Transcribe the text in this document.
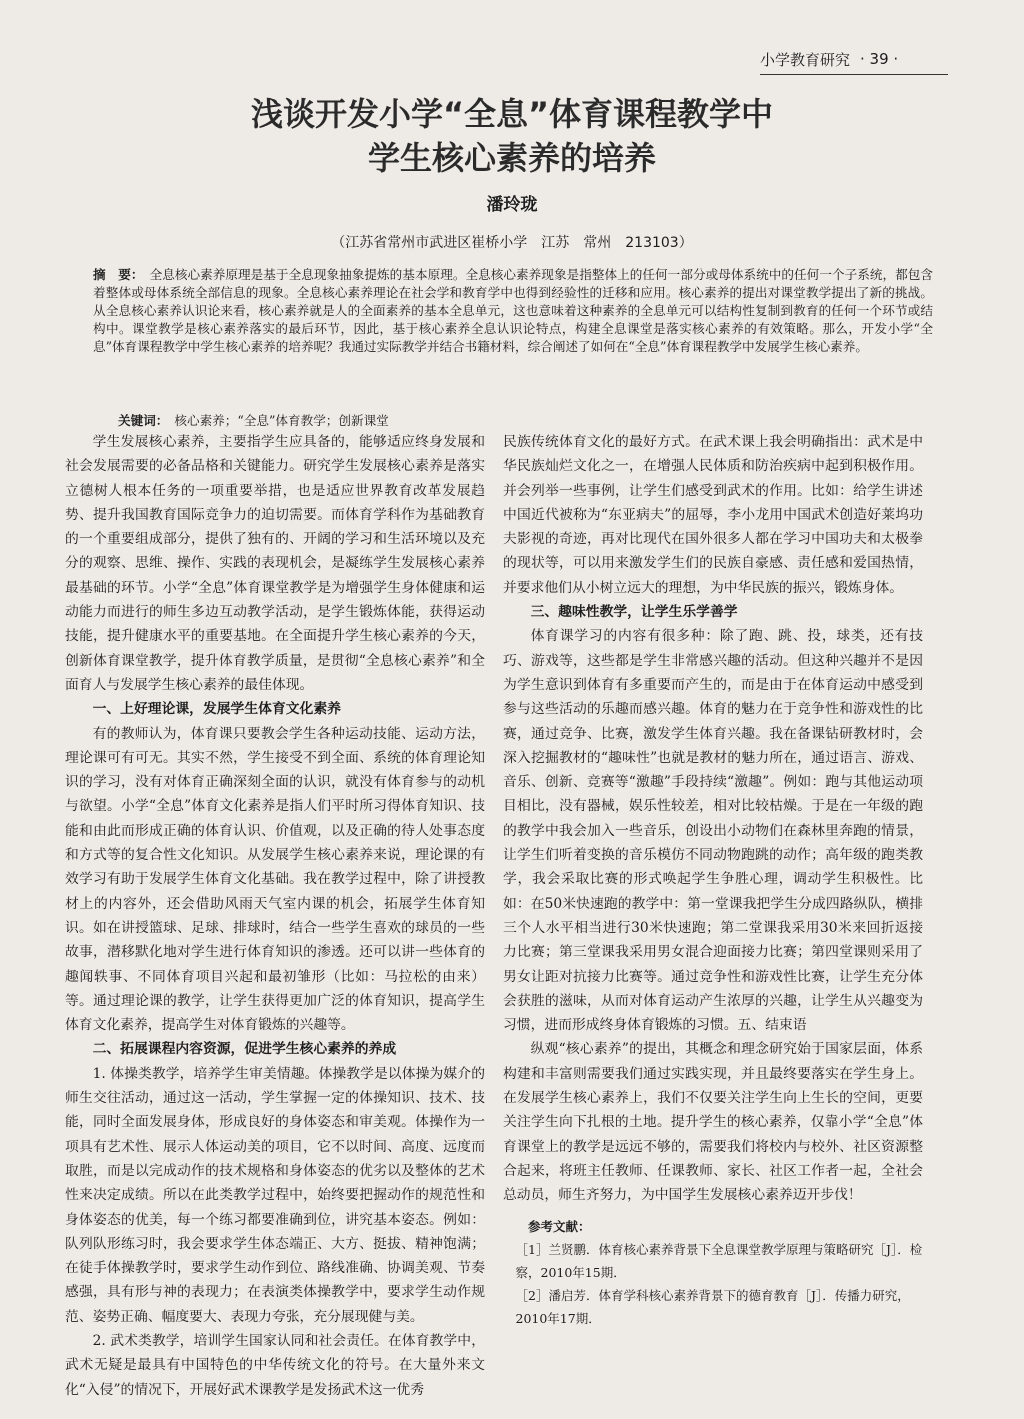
小学教育研究 · 39 ·
浅谈开发小学“全息”体育课程教学中
学生核心素养的培养
潘玲珑
（江苏省常州市武进区崔桥小学　江苏　常州　213103）
摘　要： 全息核心素养原理是基于全息现象抽象提炼的基本原理。全息核心素养现象是指整体上的任何一部分或母体系统中的任何一个子系统，都包含着整体或母体系统全部信息的现象。全息核心素养理论在社会学和教育学中也得到经验性的迁移和应用。核心素养的提出对课堂教学提出了新的挑战。从全息核心素养认识论来看，核心素养就是人的全面素养的基本全息单元，这也意味着这种素养的全息单元可以结构性复制到教育的任何一个环节或结构中。课堂教学是核心素养落实的最后环节，因此，基于核心素养全息认识论特点，构建全息课堂是落实核心素养的有效策略。那么，开发小学“全息”体育课程教学中学生核心素养的培养呢？我通过实际教学并结合书籍材料，综合阐述了如何在“全息”体育课程教学中发展学生核心素养。
关键词： 核心素养；“全息”体育教学；创新课堂

学生发展核心素养，主要指学生应具备的，能够适应终身发展和社会发展需要的必备品格和关键能力。研究学生发展核心素养是落实立德树人根本任务的一项重要举措，也是适应世界教育改革发展趋势、提升我国教育国际竞争力的迫切需要。而体育学科作为基础教育的一个重要组成部分，提供了独有的、开阔的学习和生活环境以及充分的观察、思维、操作、实践的表现机会，是凝练学生发展核心素养最基础的环节。小学“全息”体育课堂教学是为增强学生身体健康和运动能力而进行的师生多边互动教学活动，是学生锻炼体能，获得运动技能，提升健康水平的重要基地。在全面提升学生核心素养的今天，创新体育课堂教学，提升体育教学质量，是贯彻“全息核心素养”和全面育人与发展学生核心素养的最佳体现。

一、上好理论课，发展学生体育文化素养

有的教师认为，体育课只要教会学生各种运动技能、运动方法，理论课可有可无。其实不然，学生接受不到全面、系统的体育理论知识的学习，没有对体育正确深刻全面的认识，就没有体育参与的动机与欲望。小学“全息”体育文化素养是指人们平时所习得体育知识、技能和由此而形成正确的体育认识、价值观，以及正确的待人处事态度和方式等的复合性文化知识。从发展学生核心素养来说，理论课的有效学习有助于发展学生体育文化基础。我在教学过程中，除了讲授教材上的内容外，还会借助风雨天气室内课的机会，拓展学生体育知识。如在讲授篮球、足球、排球时，结合一些学生喜欢的球员的一些故事，潜移默化地对学生进行体育知识的渗透。还可以讲一些体育的趣闻轶事、不同体育项目兴起和最初雏形（比如：马拉松的由来）等。通过理论课的教学，让学生获得更加广泛的体育知识，提高学生体育文化素养，提高学生对体育锻炼的兴趣等。

二、拓展课程内容资源，促进学生核心素养的养成

1. 体操类教学，培养学生审美情趣。体操教学是以体操为媒介的师生交往活动，通过这一活动，学生掌握一定的体操知识、技术、技能，同时全面发展身体，形成良好的身体姿态和审美观。体操作为一项具有艺术性、展示人体运动美的项目，它不以时间、高度、远度而取胜，而是以完成动作的技术规格和身体姿态的优劣以及整体的艺术性来决定成绩。所以在此类教学过程中，始终要把握动作的规范性和身体姿态的优美，每一个练习都要准确到位，讲究基本姿态。例如：队列队形练习时，我会要求学生体态端正、大方、挺拔、精神饱满；在徒手体操教学时，要求学生动作到位、路线准确、协调美观、节奏感强，具有形与神的表现力；在表演类体操教学中，要求学生动作规范、姿势正确、幅度要大、表现力夸张，充分展现健与美。

2. 武术类教学，培训学生国家认同和社会责任。在体育教学中，武术无疑是最具有中国特色的中华传统文化的符号。在大量外来文化“入侵”的情况下，开展好武术课教学是发扬武术这一优秀

民族传统体育文化的最好方式。在武术课上我会明确指出：武术是中华民族灿烂文化之一，在增强人民体质和防治疾病中起到积极作用。并会列举一些事例，让学生们感受到武术的作用。比如：给学生讲述中国近代被称为“东亚病夫”的屈辱，李小龙用中国武术创造好莱坞功夫影视的奇迹，再对比现代在国外很多人都在学习中国功夫和太极拳的现状等，可以用来激发学生们的民族自豪感、责任感和爱国热情，并要求他们从小树立远大的理想，为中华民族的振兴，锻炼身体。

三、趣味性教学，让学生乐学善学

体育课学习的内容有很多种：除了跑、跳、投，球类，还有技巧、游戏等，这些都是学生非常感兴趣的活动。但这种兴趣并不是因为学生意识到体育有多重要而产生的，而是由于在体育运动中感受到参与这些活动的乐趣而感兴趣。体育的魅力在于竞争性和游戏性的比赛，通过竞争、比赛，激发学生体育兴趣。我在备课钻研教材时，会深入挖掘教材的“趣味性”也就是教材的魅力所在，通过语言、游戏、音乐、创新、竞赛等“激趣”手段持续“激趣”。例如：跑与其他运动项目相比，没有器械，娱乐性较差，相对比较枯燥。于是在一年级的跑的教学中我会加入一些音乐，创设出小动物们在森林里奔跑的情景，让学生们听着变换的音乐模仿不同动物跑跳的动作；高年级的跑类教学，我会采取比赛的形式唤起学生争胜心理，调动学生积极性。比如：在50米快速跑的教学中：第一堂课我把学生分成四路纵队，横排三个人水平相当进行30米快速跑；第二堂课我采用30米来回折返接力比赛；第三堂课我采用男女混合迎面接力比赛；第四堂课则采用了男女让距对抗接力比赛等。通过竞争性和游戏性比赛，让学生充分体会获胜的滋味，从而对体育运动产生浓厚的兴趣，让学生从兴趣变为习惯，进而形成终身体育锻炼的习惯。五、结束语

纵观“核心素养”的提出，其概念和理念研究始于国家层面，体系构建和丰富则需要我们通过实践实现，并且最终要落实在学生身上。在发展学生核心素养上，我们不仅要关注学生向上生长的空间，更要关注学生向下扎根的土地。提升学生的核心素养，仅靠小学“全息”体育课堂上的教学是远远不够的，需要我们将校内与校外、社区资源整合起来，将班主任教师、任课教师、家长、社区工作者一起，全社会总动员，师生齐努力，为中国学生发展核心素养迈开步伐！

参考文献：
［1］兰贤鹏．体育核心素养背景下全息课堂教学原理与策略研究［J］．检察，2010年15期．
［2］潘启芳．体育学科核心素养背景下的德育教育［J］．传播力研究，2010年17期．
